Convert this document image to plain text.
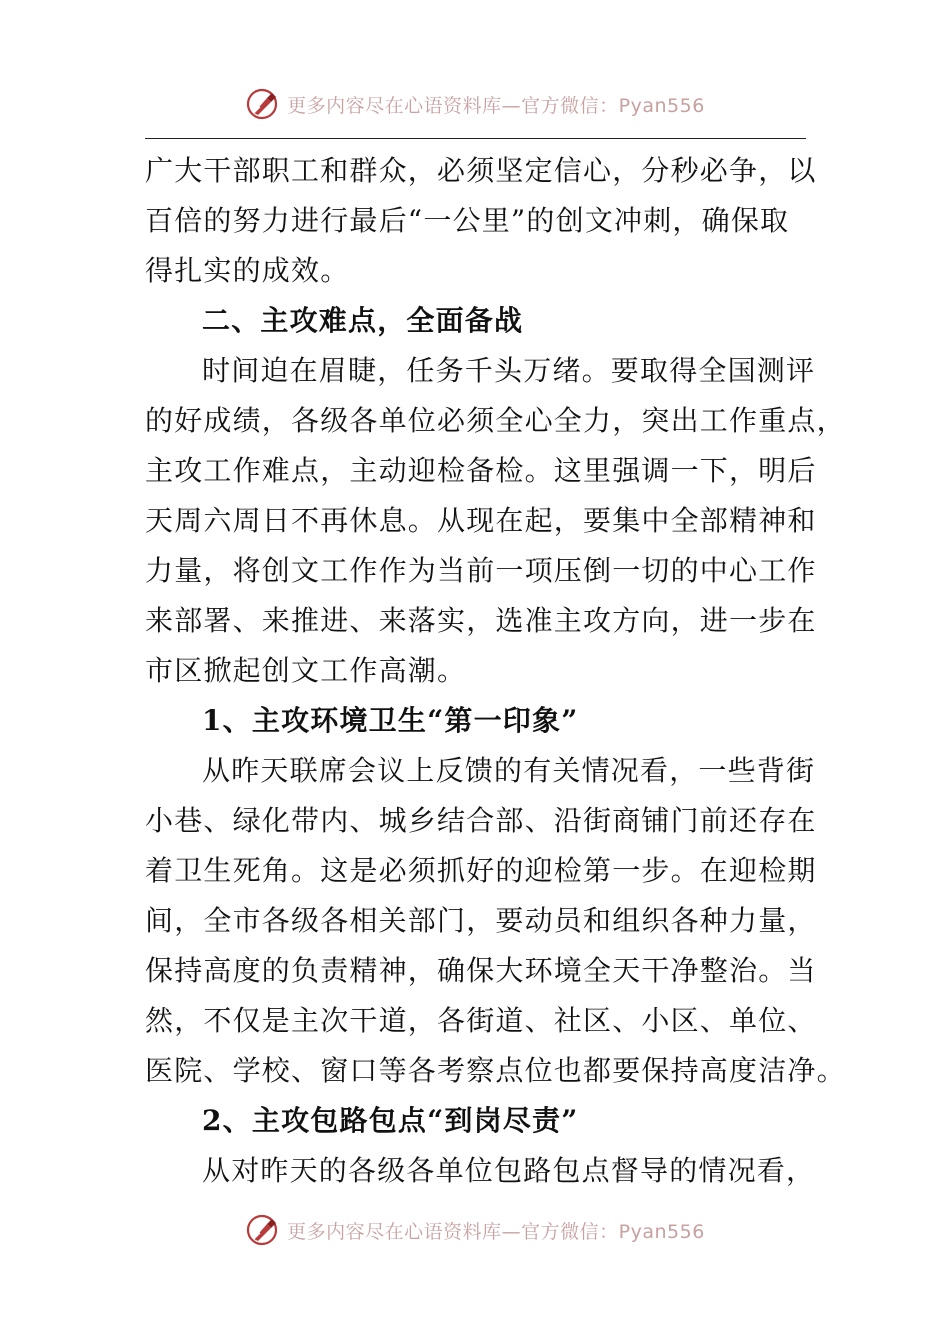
更多内容尽在心语资料库—官方微信：Pyan556
广大干部职工和群众，必须坚定信心，分秒必争，以
百倍的努力进行最后“一公里”的创文冲刺，确保取
得扎实的成效。
二、主攻难点，全面备战
时间迫在眉睫，任务千头万绪。要取得全国测评
的好成绩，各级各单位必须全心全力，突出工作重点，
主攻工作难点，主动迎检备检。这里强调一下，明后
天周六周日不再休息。从现在起，要集中全部精神和
力量，将创文工作作为当前一项压倒一切的中心工作
来部署、来推进、来落实，选准主攻方向，进一步在
市区掀起创文工作高潮。
1、主攻环境卫生“第一印象”
从昨天联席会议上反馈的有关情况看，一些背街
小巷、绿化带内、城乡结合部、沿街商铺门前还存在
着卫生死角。这是必须抓好的迎检第一步。在迎检期
间，全市各级各相关部门，要动员和组织各种力量，
保持高度的负责精神，确保大环境全天干净整治。当
然，不仅是主次干道，各街道、社区、小区、单位、
医院、学校、窗口等各考察点位也都要保持高度洁净。
2、主攻包路包点“到岗尽责”
从对昨天的各级各单位包路包点督导的情况看，
更多内容尽在心语资料库—官方微信：Pyan556
